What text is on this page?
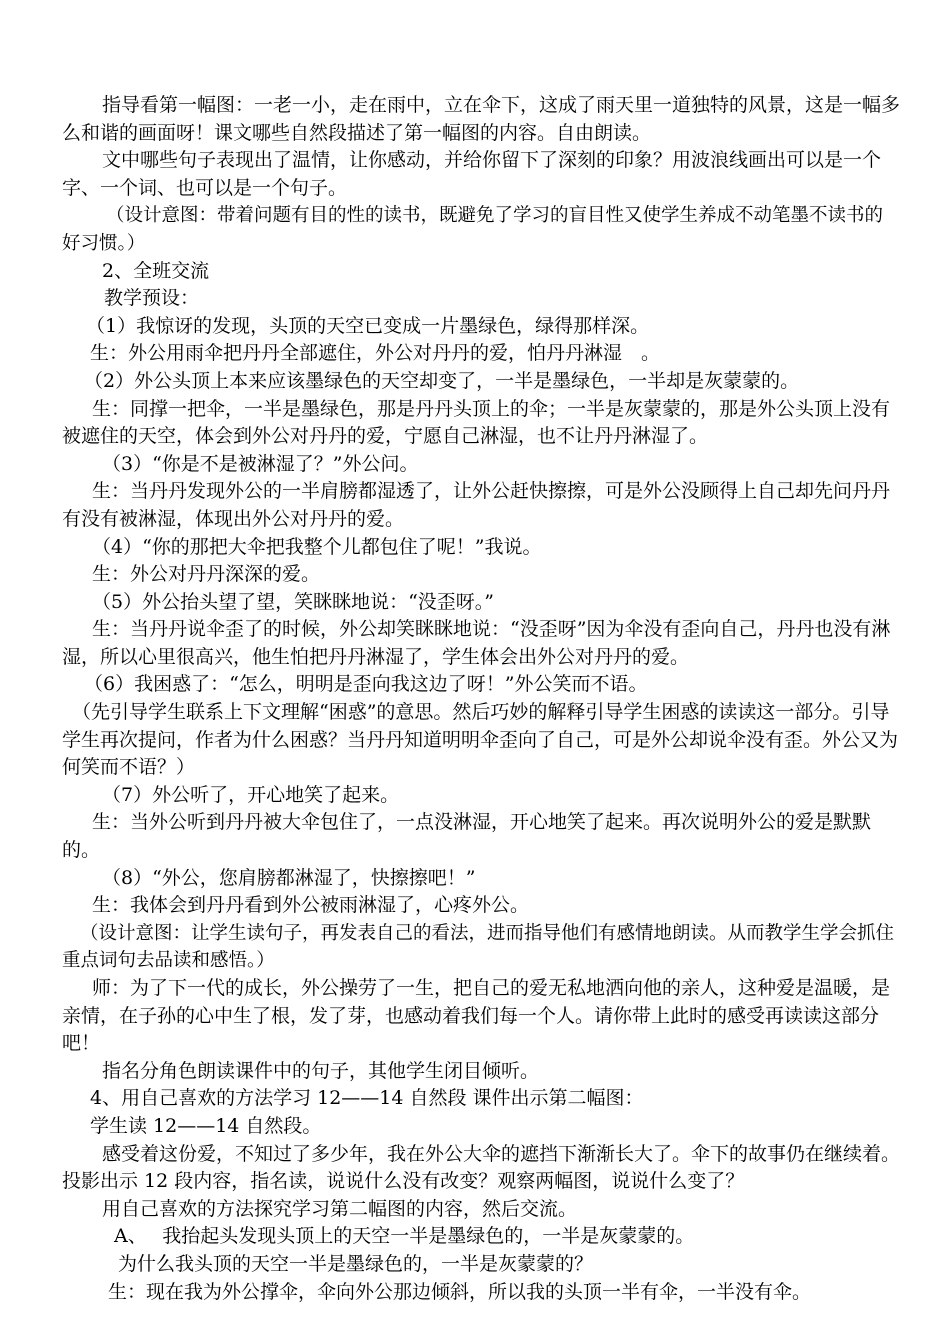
指导看第一幅图：一老一小，走在雨中，立在伞下，这成了雨天里一道独特的风景，这是一幅多么和谐的画面呀！课文哪些自然段描述了第一幅图的内容。自由朗读。

文中哪些句子表现出了温情，让你感动，并给你留下了深刻的印象？用波浪线画出可以是一个字、一个词、也可以是一个句子。

（设计意图：带着问题有目的性的读书，既避免了学习的盲目性又使学生养成不动笔墨不读书的好习惯。）

2、全班交流

教学预设：

（1）我惊讶的发现，头顶的天空已变成一片墨绿色，绿得那样深。

生：外公用雨伞把丹丹全部遮住，外公对丹丹的爱，怕丹丹淋湿　。

（2）外公头顶上本来应该墨绿色的天空却变了，一半是墨绿色，一半却是灰蒙蒙的。

生：同撑一把伞，一半是墨绿色，那是丹丹头顶上的伞；一半是灰蒙蒙的，那是外公头顶上没有被遮住的天空，体会到外公对丹丹的爱，宁愿自己淋湿，也不让丹丹淋湿了。

（3）“你是不是被淋湿了？”外公问。

生：当丹丹发现外公的一半肩膀都湿透了，让外公赶快擦擦，可是外公没顾得上自己却先问丹丹有没有被淋湿，体现出外公对丹丹的爱。

（4）“你的那把大伞把我整个儿都包住了呢！”我说。

生：外公对丹丹深深的爱。

（5）外公抬头望了望，笑眯眯地说：“没歪呀。”

生：当丹丹说伞歪了的时候，外公却笑眯眯地说：“没歪呀”因为伞没有歪向自己，丹丹也没有淋湿，所以心里很高兴，他生怕把丹丹淋湿了，学生体会出外公对丹丹的爱。

（6）我困惑了：“怎么，明明是歪向我这边了呀！”外公笑而不语。

（先引导学生联系上下文理解“困惑”的意思。然后巧妙的解释引导学生困惑的读读这一部分。引导学生再次提问，作者为什么困惑？当丹丹知道明明伞歪向了自己，可是外公却说伞没有歪。外公又为何笑而不语？）

（7）外公听了，开心地笑了起来。

生：当外公听到丹丹被大伞包住了，一点没淋湿，开心地笑了起来。再次说明外公的爱是默默的。

（8）“外公，您肩膀都淋湿了，快擦擦吧！”

生：我体会到丹丹看到外公被雨淋湿了，心疼外公。

（设计意图：让学生读句子，再发表自己的看法，进而指导他们有感情地朗读。从而教学生学会抓住重点词句去品读和感悟。）

师：为了下一代的成长，外公操劳了一生，把自己的爱无私地洒向他的亲人，这种爱是温暖，是亲情，在子孙的心中生了根，发了芽，也感动着我们每一个人。请你带上此时的感受再读读这部分吧！

指名分角色朗读课件中的句子，其他学生闭目倾听。

4、用自己喜欢的方法学习 12——14 自然段 课件出示第二幅图：

学生读 12——14 自然段。

感受着这份爱，不知过了多少年，我在外公大伞的遮挡下渐渐长大了。伞下的故事仍在继续着。投影出示 12 段内容，指名读，说说什么没有改变？观察两幅图，说说什么变了？

用自己喜欢的方法探究学习第二幅图的内容，然后交流。

A、　 我抬起头发现头顶上的天空一半是墨绿色的，一半是灰蒙蒙的。

为什么我头顶的天空一半是墨绿色的，一半是灰蒙蒙的？

生：现在我为外公撑伞，伞向外公那边倾斜，所以我的头顶一半有伞，一半没有伞。
